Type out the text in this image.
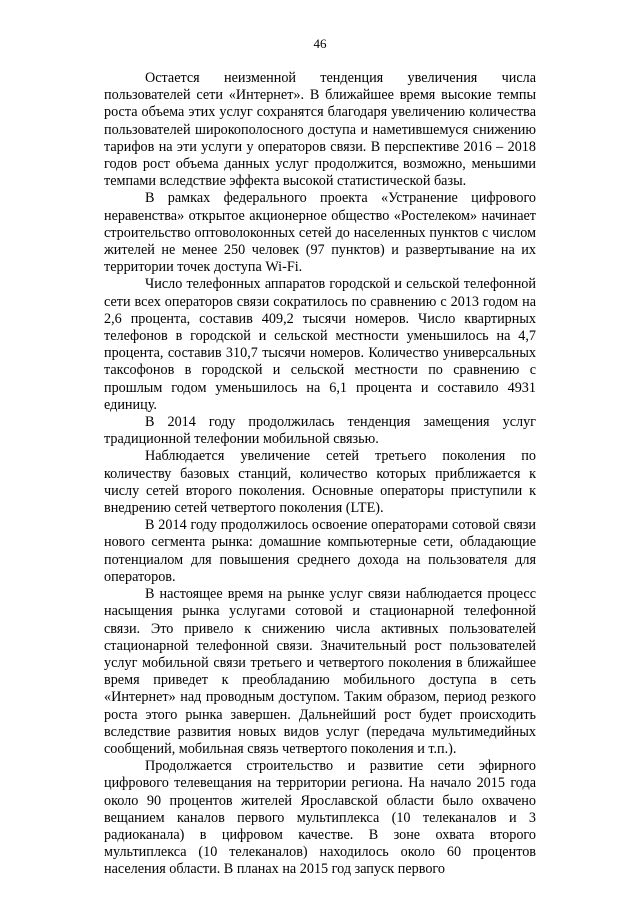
46

Остается неизменной тенденция увеличения числа пользователей сети «Интернет». В ближайшее время высокие темпы роста объема этих услуг сохранятся благодаря увеличению количества пользователей широкополосного доступа и наметившемуся снижению тарифов на эти услуги у операторов связи. В перспективе 2016 – 2018 годов рост объема данных услуг продолжится, возможно, меньшими темпами вследствие эффекта высокой статистической базы.

В рамках федерального проекта «Устранение цифрового неравенства» открытое акционерное общество «Ростелеком» начинает строительство оптоволоконных сетей до населенных пунктов с числом жителей не менее 250 человек (97 пунктов) и развертывание на их территории точек доступа Wi-Fi.

Число телефонных аппаратов городской и сельской телефонной сети всех операторов связи сократилось по сравнению с 2013 годом на 2,6 процента, составив 409,2 тысячи номеров. Число квартирных телефонов в городской и сельской местности уменьшилось на 4,7 процента, составив 310,7 тысячи номеров. Количество универсальных таксофонов в городской и сельской местности по сравнению с прошлым годом уменьшилось на 6,1 процента и составило 4931 единицу.

В 2014 году продолжилась тенденция замещения услуг традиционной телефонии мобильной связью.

Наблюдается увеличение сетей третьего поколения по количеству базовых станций, количество которых приближается к числу сетей второго поколения. Основные операторы приступили к внедрению сетей четвертого поколения (LTE).

В 2014 году продолжилось освоение операторами сотовой связи нового сегмента рынка: домашние компьютерные сети, обладающие потенциалом для повышения среднего дохода на пользователя для операторов.

В настоящее время на рынке услуг связи наблюдается процесс насыщения рынка услугами сотовой и стационарной телефонной связи. Это привело к снижению числа активных пользователей стационарной телефонной связи. Значительный рост пользователей услуг мобильной связи третьего и четвертого поколения в ближайшее время приведет к преобладанию мобильного доступа в сеть «Интернет» над проводным доступом. Таким образом, период резкого роста этого рынка завершен. Дальнейший рост будет происходить вследствие развития новых видов услуг (передача мультимедийных сообщений, мобильная связь четвертого поколения и т.п.).

Продолжается строительство и развитие сети эфирного цифрового телевещания на территории региона. На начало 2015 года около 90 процентов жителей Ярославской области было охвачено вещанием каналов первого мультиплекса (10 телеканалов и 3 радиоканала) в цифровом качестве. В зоне охвата второго мультиплекса (10 телеканалов) находилось около 60 процентов населения области. В планах на 2015 год запуск первого
